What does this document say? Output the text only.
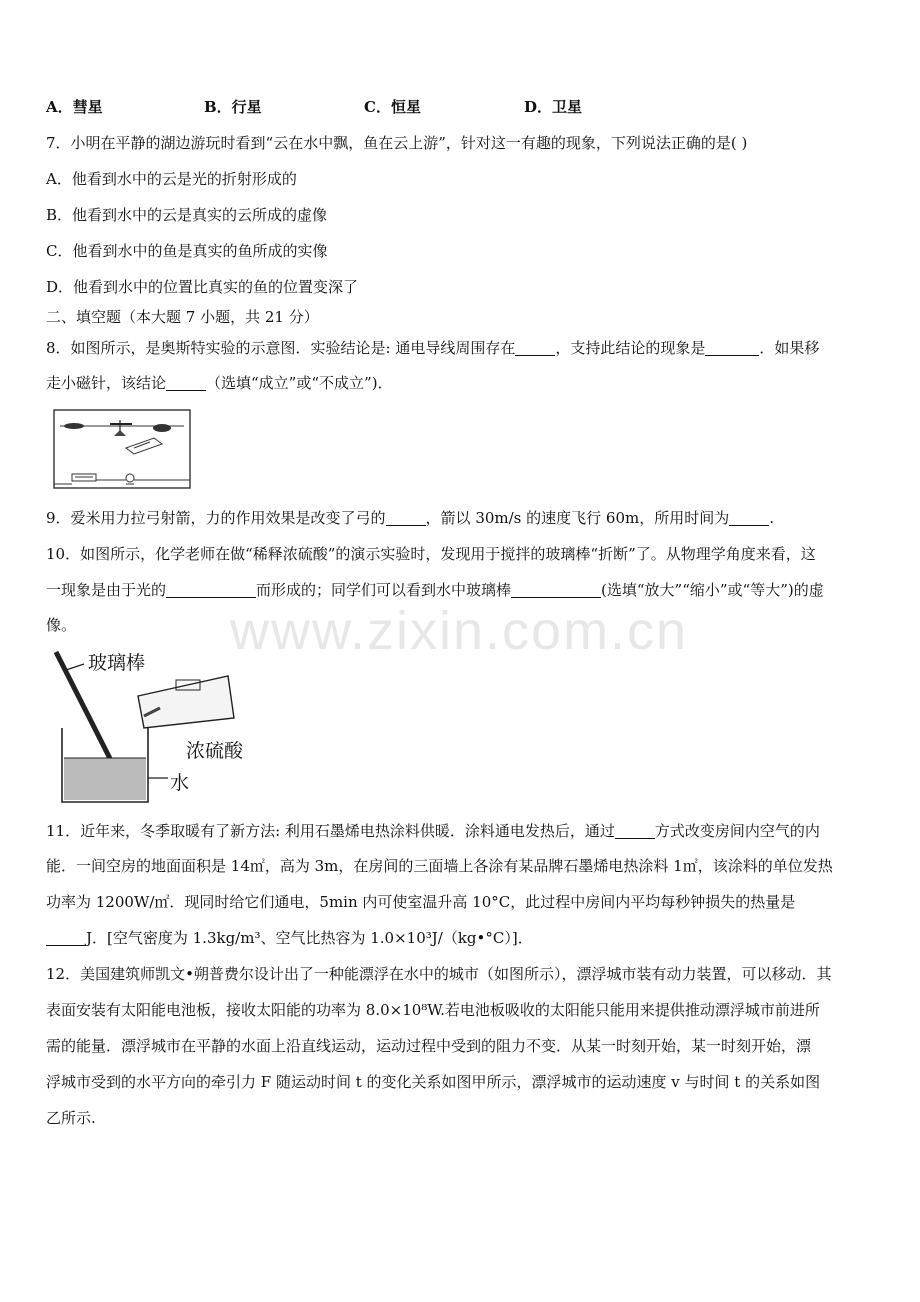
A．彗星	B．行星	C．恒星	D．卫星
7．小明在平静的湖边游玩时看到“云在水中飘，鱼在云上游”，针对这一有趣的现象，下列说法正确的是( )
A．他看到水中的云是光的折射形成的
B．他看到水中的云是真实的云所成的虚像
C．他看到水中的鱼是真实的鱼所成的实像
D．他看到水中的位置比真实的鱼的位置变深了
二、填空题（本大题 7 小题，共 21 分）
8．如图所示，是奥斯特实验的示意图．实验结论是: 通电导线周围存在	，支持此结论的现象是	．如果移
走小磁针，该结论	（选填“成立”或“不成立”)．
9．爱米用力拉弓射箭，力的作用效果是改变了弓的	，箭以 30m/s 的速度飞行 60m，所用时间为	.
10．如图所示，化学老师在做“稀释浓硫酸”的演示实验时，发现用于搅拌的玻璃棒“折断”了。从物理学角度来看，这
一现象是由于光的	而形成的；同学们可以看到水中玻璃棒	(选填“放大”“缩小”或“等大”)的虚
像。	www.zixin.com.cn
玻璃棒
浓硫酸
水
11．近年来，冬季取暖有了新方法: 利用石墨烯电热涂料供暖．涂料通电发热后，通过	方式改变房间内空气的内
能．一间空房的地面面积是 14㎡，高为 3m，在房间的三面墙上各涂有某品牌石墨烯电热涂料 1㎡，该涂料的单位发热
功率为 1200W/㎡．现同时给它们通电，5min 内可使室温升高 10°C，此过程中房间内平均每秒钟损失的热量是
J．[空气密度为 1.3kg/m³、空气比热容为 1.0×10³J/（kg•°C）]．
12．美国建筑师凯文•朔普费尔设计出了一种能漂浮在水中的城市（如图所示），漂浮城市装有动力装置，可以移动．其
表面安装有太阳能电池板，接收太阳能的功率为 8.0×10⁸W.若电池板吸收的太阳能只能用来提供推动漂浮城市前进所
需的能量．漂浮城市在平静的水面上沿直线运动，运动过程中受到的阻力不变．从某一时刻开始，某一时刻开始，漂
浮城市受到的水平方向的牵引力 F 随运动时间 t 的变化关系如图甲所示，漂浮城市的运动速度 v 与时间 t 的关系如图
乙所示.
